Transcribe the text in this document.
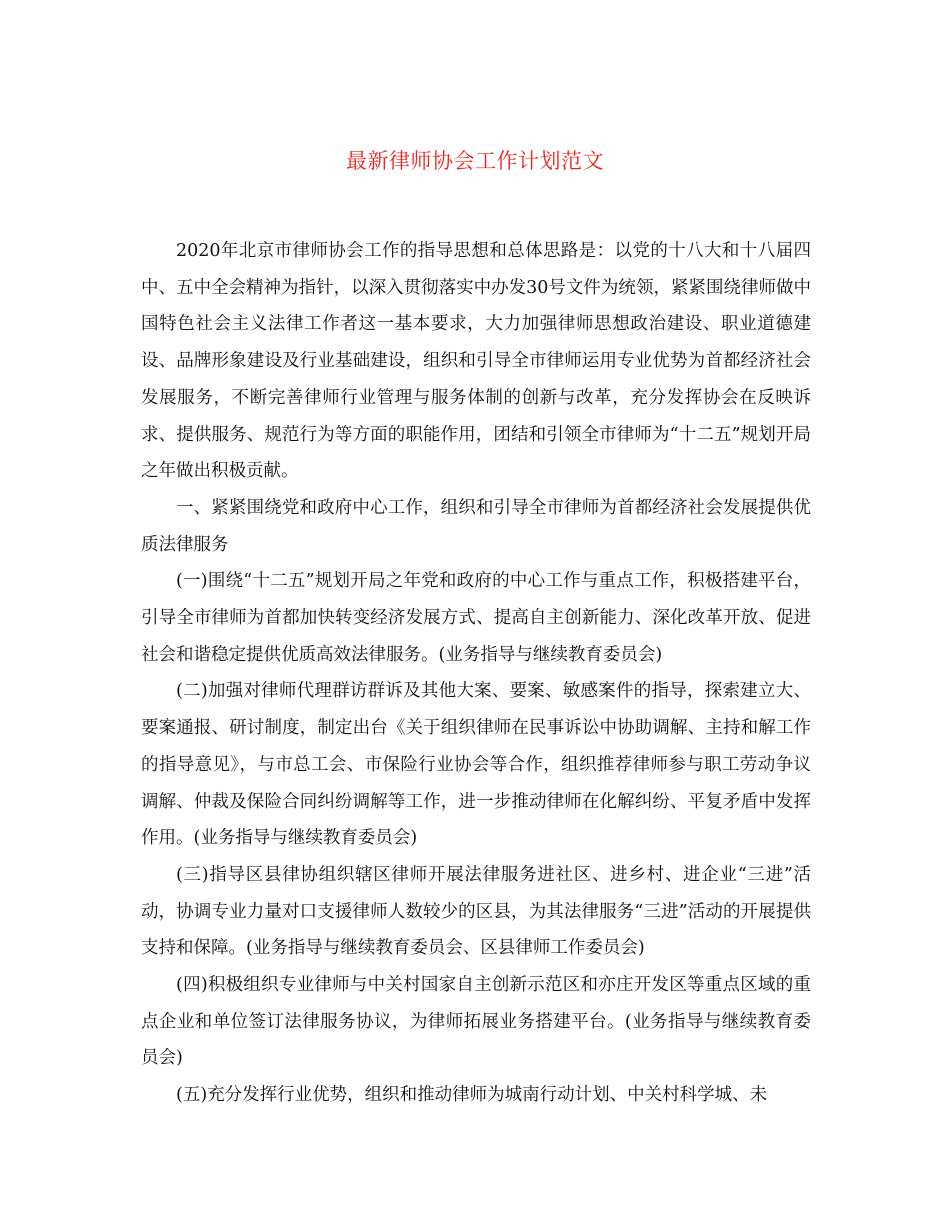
最新律师协会工作计划范文

2020年北京市律师协会工作的指导思想和总体思路是：以党的十八大和十八届四中、五中全会精神为指针，以深入贯彻落实中办发30号文件为统领，紧紧围绕律师做中国特色社会主义法律工作者这一基本要求，大力加强律师思想政治建设、职业道德建设、品牌形象建设及行业基础建设，组织和引导全市律师运用专业优势为首都经济社会发展服务，不断完善律师行业管理与服务体制的创新与改革，充分发挥协会在反映诉求、提供服务、规范行为等方面的职能作用，团结和引领全市律师为“十二五”规划开局之年做出积极贡献。

一、紧紧围绕党和政府中心工作，组织和引导全市律师为首都经济社会发展提供优质法律服务

(一)围绕“十二五”规划开局之年党和政府的中心工作与重点工作，积极搭建平台，引导全市律师为首都加快转变经济发展方式、提高自主创新能力、深化改革开放、促进社会和谐稳定提供优质高效法律服务。(业务指导与继续教育委员会)

(二)加强对律师代理群访群诉及其他大案、要案、敏感案件的指导，探索建立大、要案通报、研讨制度，制定出台《关于组织律师在民事诉讼中协助调解、主持和解工作的指导意见》，与市总工会、市保险行业协会等合作，组织推荐律师参与职工劳动争议调解、仲裁及保险合同纠纷调解等工作，进一步推动律师在化解纠纷、平复矛盾中发挥作用。(业务指导与继续教育委员会)

(三)指导区县律协组织辖区律师开展法律服务进社区、进乡村、进企业“三进”活动，协调专业力量对口支援律师人数较少的区县，为其法律服务“三进”活动的开展提供支持和保障。(业务指导与继续教育委员会、区县律师工作委员会)

(四)积极组织专业律师与中关村国家自主创新示范区和亦庄开发区等重点区域的重点企业和单位签订法律服务协议，为律师拓展业务搭建平台。(业务指导与继续教育委员会)

(五)充分发挥行业优势，组织和推动律师为城南行动计划、中关村科学城、未
